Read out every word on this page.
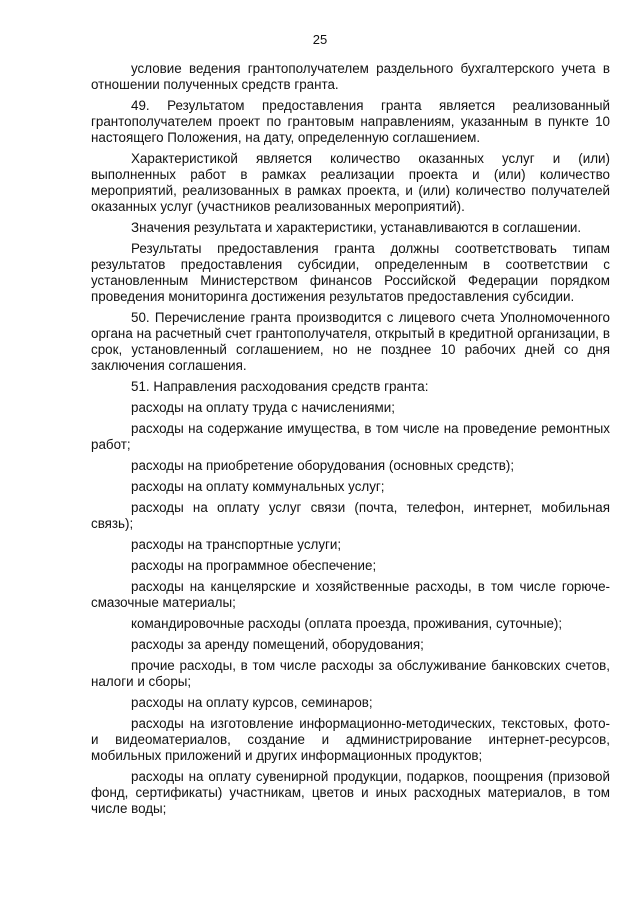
25

условие ведения грантополучателем раздельного бухгалтерского учета в отношении полученных средств гранта.

49. Результатом предоставления гранта является реализованный грантополучателем проект по грантовым направлениям, указанным в пункте 10 настоящего Положения, на дату, определенную соглашением.

Характеристикой является количество оказанных услуг и (или) выполненных работ в рамках реализации проекта и (или) количество мероприятий, реализованных в рамках проекта, и (или) количество получателей оказанных услуг (участников реализованных мероприятий).

Значения результата и характеристики, устанавливаются в соглашении.

Результаты предоставления гранта должны соответствовать типам результатов предоставления субсидии, определенным в соответствии с установленным Министерством финансов Российской Федерации порядком проведения мониторинга достижения результатов предоставления субсидии.

50. Перечисление гранта производится с лицевого счета Уполномоченного органа на расчетный счет грантополучателя, открытый в кредитной организации, в срок, установленный соглашением, но не позднее 10 рабочих дней со дня заключения соглашения.

51. Направления расходования средств гранта:

расходы на оплату труда с начислениями;

расходы на содержание имущества, в том числе на проведение ремонтных работ;

расходы на приобретение оборудования (основных средств);

расходы на оплату коммунальных услуг;

расходы на оплату услуг связи (почта, телефон, интернет, мобильная связь);

расходы на транспортные услуги;

расходы на программное обеспечение;

расходы на канцелярские и хозяйственные расходы, в том числе горюче-смазочные материалы;

командировочные расходы (оплата проезда, проживания, суточные);

расходы за аренду помещений, оборудования;

прочие расходы, в том числе расходы за обслуживание банковских счетов, налоги и сборы;

расходы на оплату курсов, семинаров;

расходы на изготовление информационно-методических, текстовых, фото- и видеоматериалов, создание и администрирование интернет-ресурсов, мобильных приложений и других информационных продуктов;

расходы на оплату сувенирной продукции, подарков, поощрения (призовой фонд, сертификаты) участникам, цветов и иных расходных материалов, в том числе воды;
